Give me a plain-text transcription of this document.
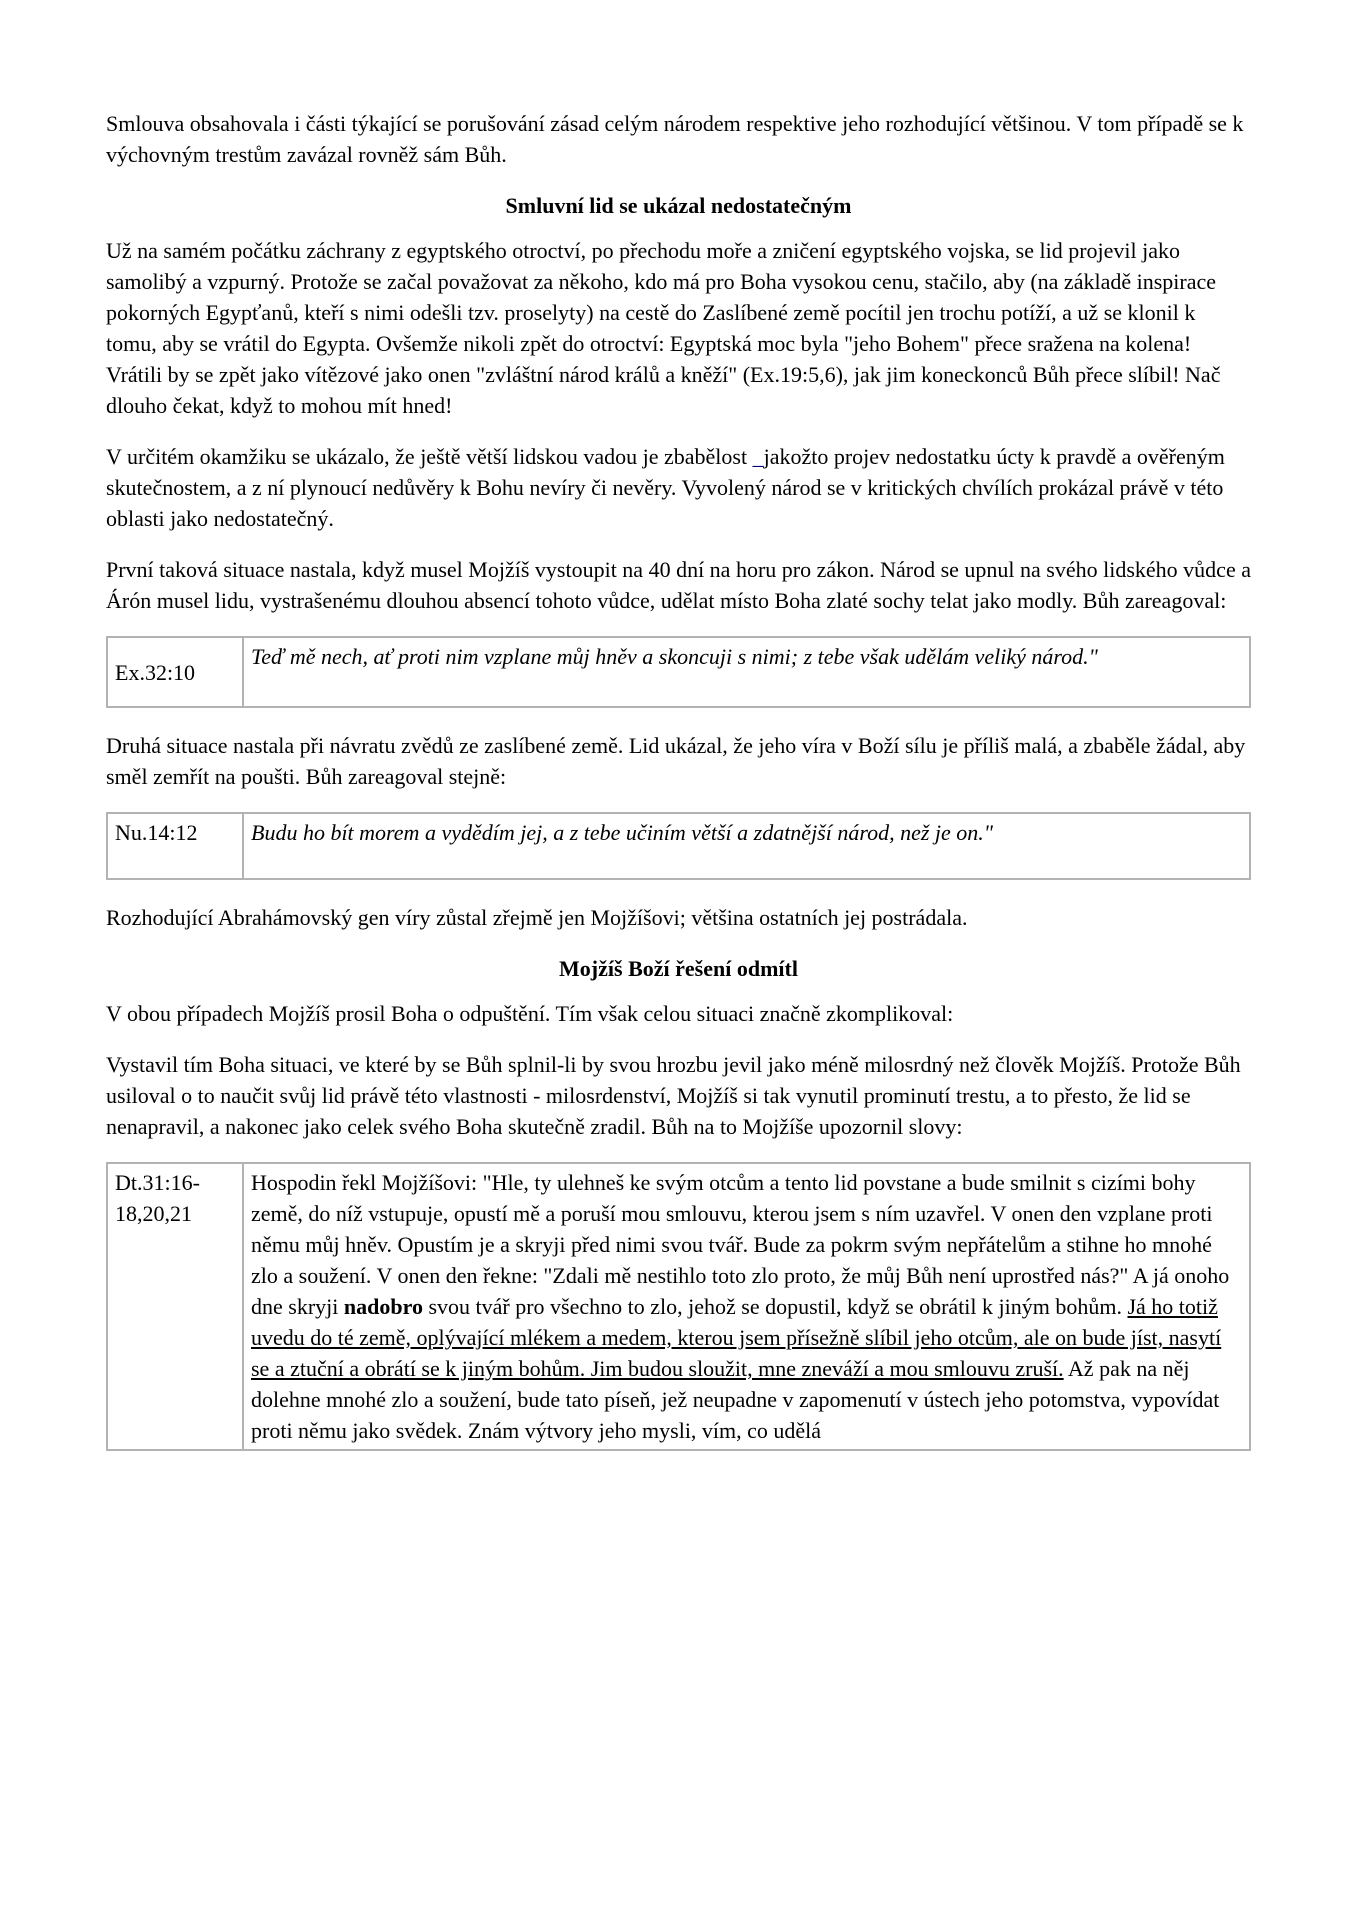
Smlouva obsahovala i části týkající se porušování zásad celým národem respektive jeho rozhodující většinou. V tom případě se k výchovným trestům zavázal rovněž sám Bůh.

Smluvní lid se ukázal nedostatečným

Už na samém počátku záchrany z egyptského otroctví, po přechodu moře a zničení egyptského vojska, se lid projevil jako samolibý a vzpurný. Protože se začal považovat za někoho, kdo má pro Boha vysokou cenu, stačilo, aby (na základě inspirace pokorných Egypťanů, kteří s nimi odešli tzv. proselyty) na cestě do Zaslíbené země pocítil jen trochu potíží, a už se klonil k tomu, aby se vrátil do Egypta. Ovšemže nikoli zpět do otroctví: Egyptská moc byla "jeho Bohem" přece sražena na kolena! Vrátili by se zpět jako vítězové jako onen "zvláštní národ králů a kněží" (Ex.19:5,6), jak jim koneckonců Bůh přece slíbil! Nač dlouho čekat, když to mohou mít hned!

V určitém okamžiku se ukázalo, že ještě větší lidskou vadou je zbabělost _jakožto projev nedostatku úcty k pravdě a ověřeným skutečnostem, a z ní plynoucí nedůvěry k Bohu nevíry či nevěry. Vyvolený národ se v kritických chvílích prokázal právě v této oblasti jako nedostatečný.

První taková situace nastala, když musel Mojžíš vystoupit na 40 dní na horu pro zákon. Národ se upnul na svého lidského vůdce a Árón musel lidu, vystrašenému dlouhou absencí tohoto vůdce, udělat místo Boha zlaté sochy telat jako modly. Bůh zareagoval:

Ex.32:10	Teď mě nech, ať proti nim vzplane můj hněv a skoncuji s nimi; z tebe však udělám veliký národ."

Druhá situace nastala při návratu zvědů ze zaslíbené země. Lid ukázal, že jeho víra v Boží sílu je příliš malá, a zbaběle žádal, aby směl zemřít na poušti. Bůh zareagoval stejně:

Nu.14:12	Budu ho bít morem a vydědím jej, a z tebe učiním větší a zdatnější národ, než je on."

Rozhodující Abrahámovský gen víry zůstal zřejmě jen Mojžíšovi; většina ostatních jej postrádala.

Mojžíš Boží řešení odmítl

V obou případech Mojžíš prosil Boha o odpuštění. Tím však celou situaci značně zkomplikoval:

Vystavil tím Boha situaci, ve které by se Bůh splnil-li by svou hrozbu jevil jako méně milosrdný než člověk Mojžíš. Protože Bůh usiloval o to naučit svůj lid právě této vlastnosti - milosrdenství, Mojžíš si tak vynutil prominutí trestu, a to přesto, že lid se nenapravil, a nakonec jako celek svého Boha skutečně zradil. Bůh na to Mojžíše upozornil slovy:

Dt.31:16-18,20,21	Hospodin řekl Mojžíšovi: "Hle, ty ulehneš ke svým otcům a tento lid povstane a bude smilnit s cizími bohy země, do níž vstupuje, opustí mě a poruší mou smlouvu, kterou jsem s ním uzavřel. V onen den vzplane proti němu můj hněv. Opustím je a skryji před nimi svou tvář. Bude za pokrm svým nepřátelům a stihne ho mnohé zlo a soužení. V onen den řekne: "Zdali mě nestihlo toto zlo proto, že můj Bůh není uprostřed nás?" A já onoho dne skryji nadobro svou tvář pro všechno to zlo, jehož se dopustil, když se obrátil k jiným bohům. Já ho totiž uvedu do té země, oplývající mlékem a medem, kterou jsem přísežně slíbil jeho otcům, ale on bude jíst, nasytí se a ztuční a obrátí se k jiným bohům. Jim budou sloužit, mne zneváží a mou smlouvu zruší. Až pak na něj dolehne mnohé zlo a soužení, bude tato píseň, jež neupadne v zapomenutí v ústech jeho potomstva, vypovídat proti němu jako svědek. Znám výtvory jeho mysli, vím, co udělá
